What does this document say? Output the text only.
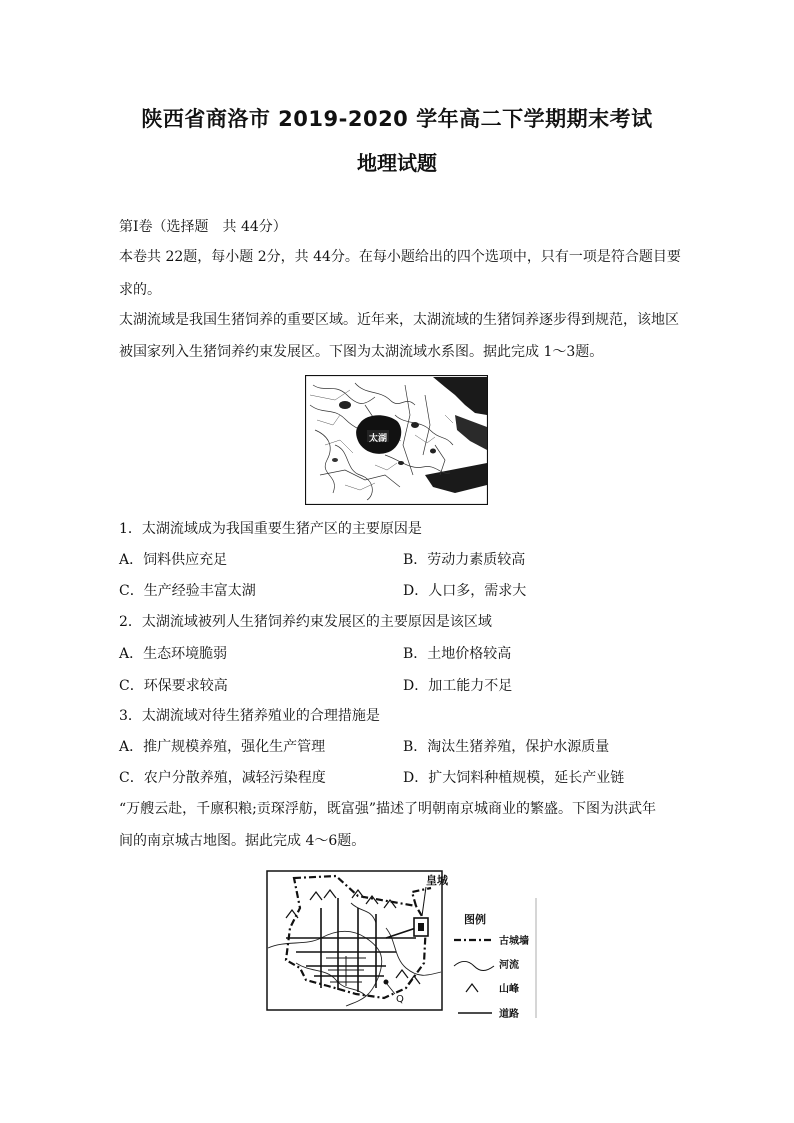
陕西省商洛市 2019-2020 学年高二下学期期末考试
地理试题
第Ⅰ卷（选择题　共 44分）
本卷共 22题，每小题 2分，共 44分。在每小题给出的四个选项中，只有一项是符合题目要
求的。
太湖流域是我国生猪饲养的重要区域。近年来，太湖流域的生猪饲养逐步得到规范，该地区
被国家列入生猪饲养约束发展区。下图为太湖流域水系图。据此完成 1～3题。
太湖
1．太湖流域成为我国重要生猪产区的主要原因是
A．饲料供应充足	B．劳动力素质较高
C．生产经验丰富太湖	D．人口多，需求大
2．太湖流域被列人生猪饲养约束发展区的主要原因是该区域
A．生态环境脆弱	B．土地价格较高
C．环保要求较高	D．加工能力不足
3．太湖流域对待生猪养殖业的合理措施是
A．推广规模养殖，强化生产管理	B．淘汰生猪养殖，保护水源质量
C．农户分散养殖，减轻污染程度	D．扩大饲料种植规模，延长产业链
“万艘云赴，千廪积粮;贡琛浮舫，既富强”描述了明朝南京城商业的繁盛。下图为洪武年
间的南京城古地图。据此完成 4～6题。
皇城
Q
图例
古城墙
河流
山峰
道路
